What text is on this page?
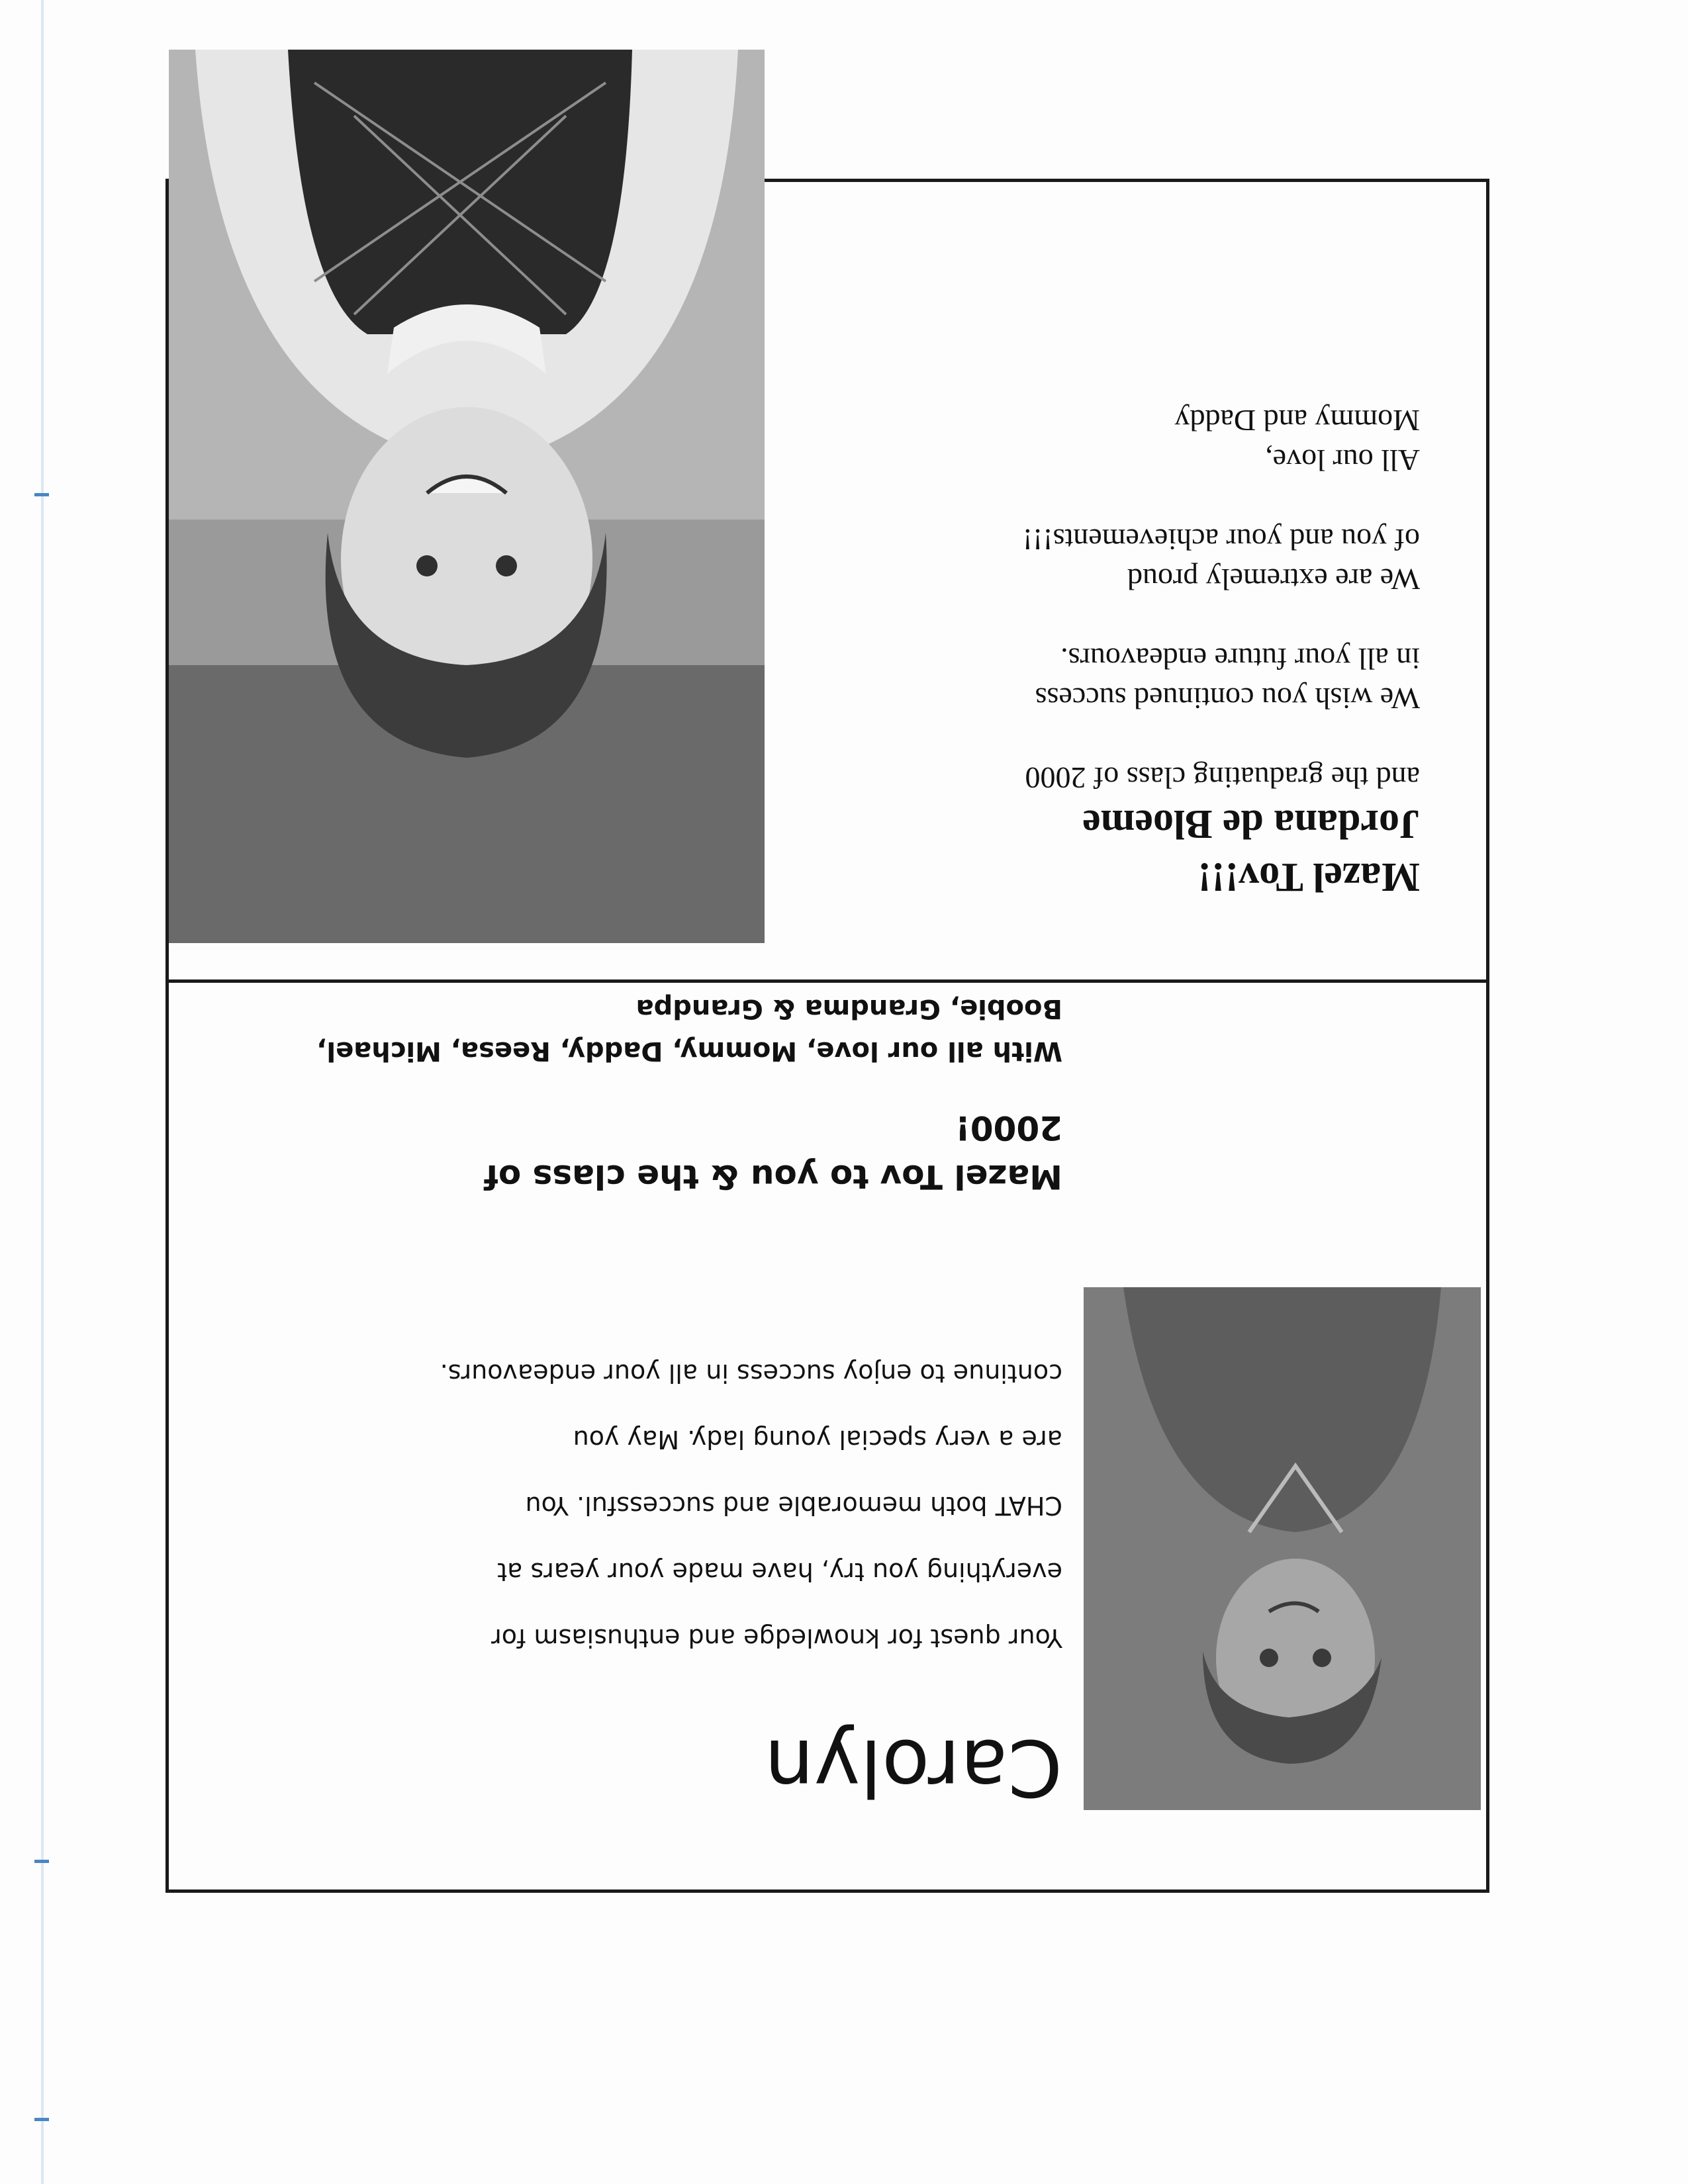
Carolyn
Your quest for knowledge and enthusiasm for
everything you try, have made your years at
CHAT both memorable and successful. You
are a very special young lady. May you
continue to enjoy success in all your endeavours.
Mazel Tov to you & the class of
2000!
With all our love, Mommy, Daddy, Reesa, Michael,
Boobie, Grandma & Grandpa
Mazel Tov!!!
Jordana de Bloeme
and the graduating class of 2000
We wish you continued success
in all your future endeavours.
We are extremely proud
of you and your achievements!!!
All our love,
Mommy and Daddy
